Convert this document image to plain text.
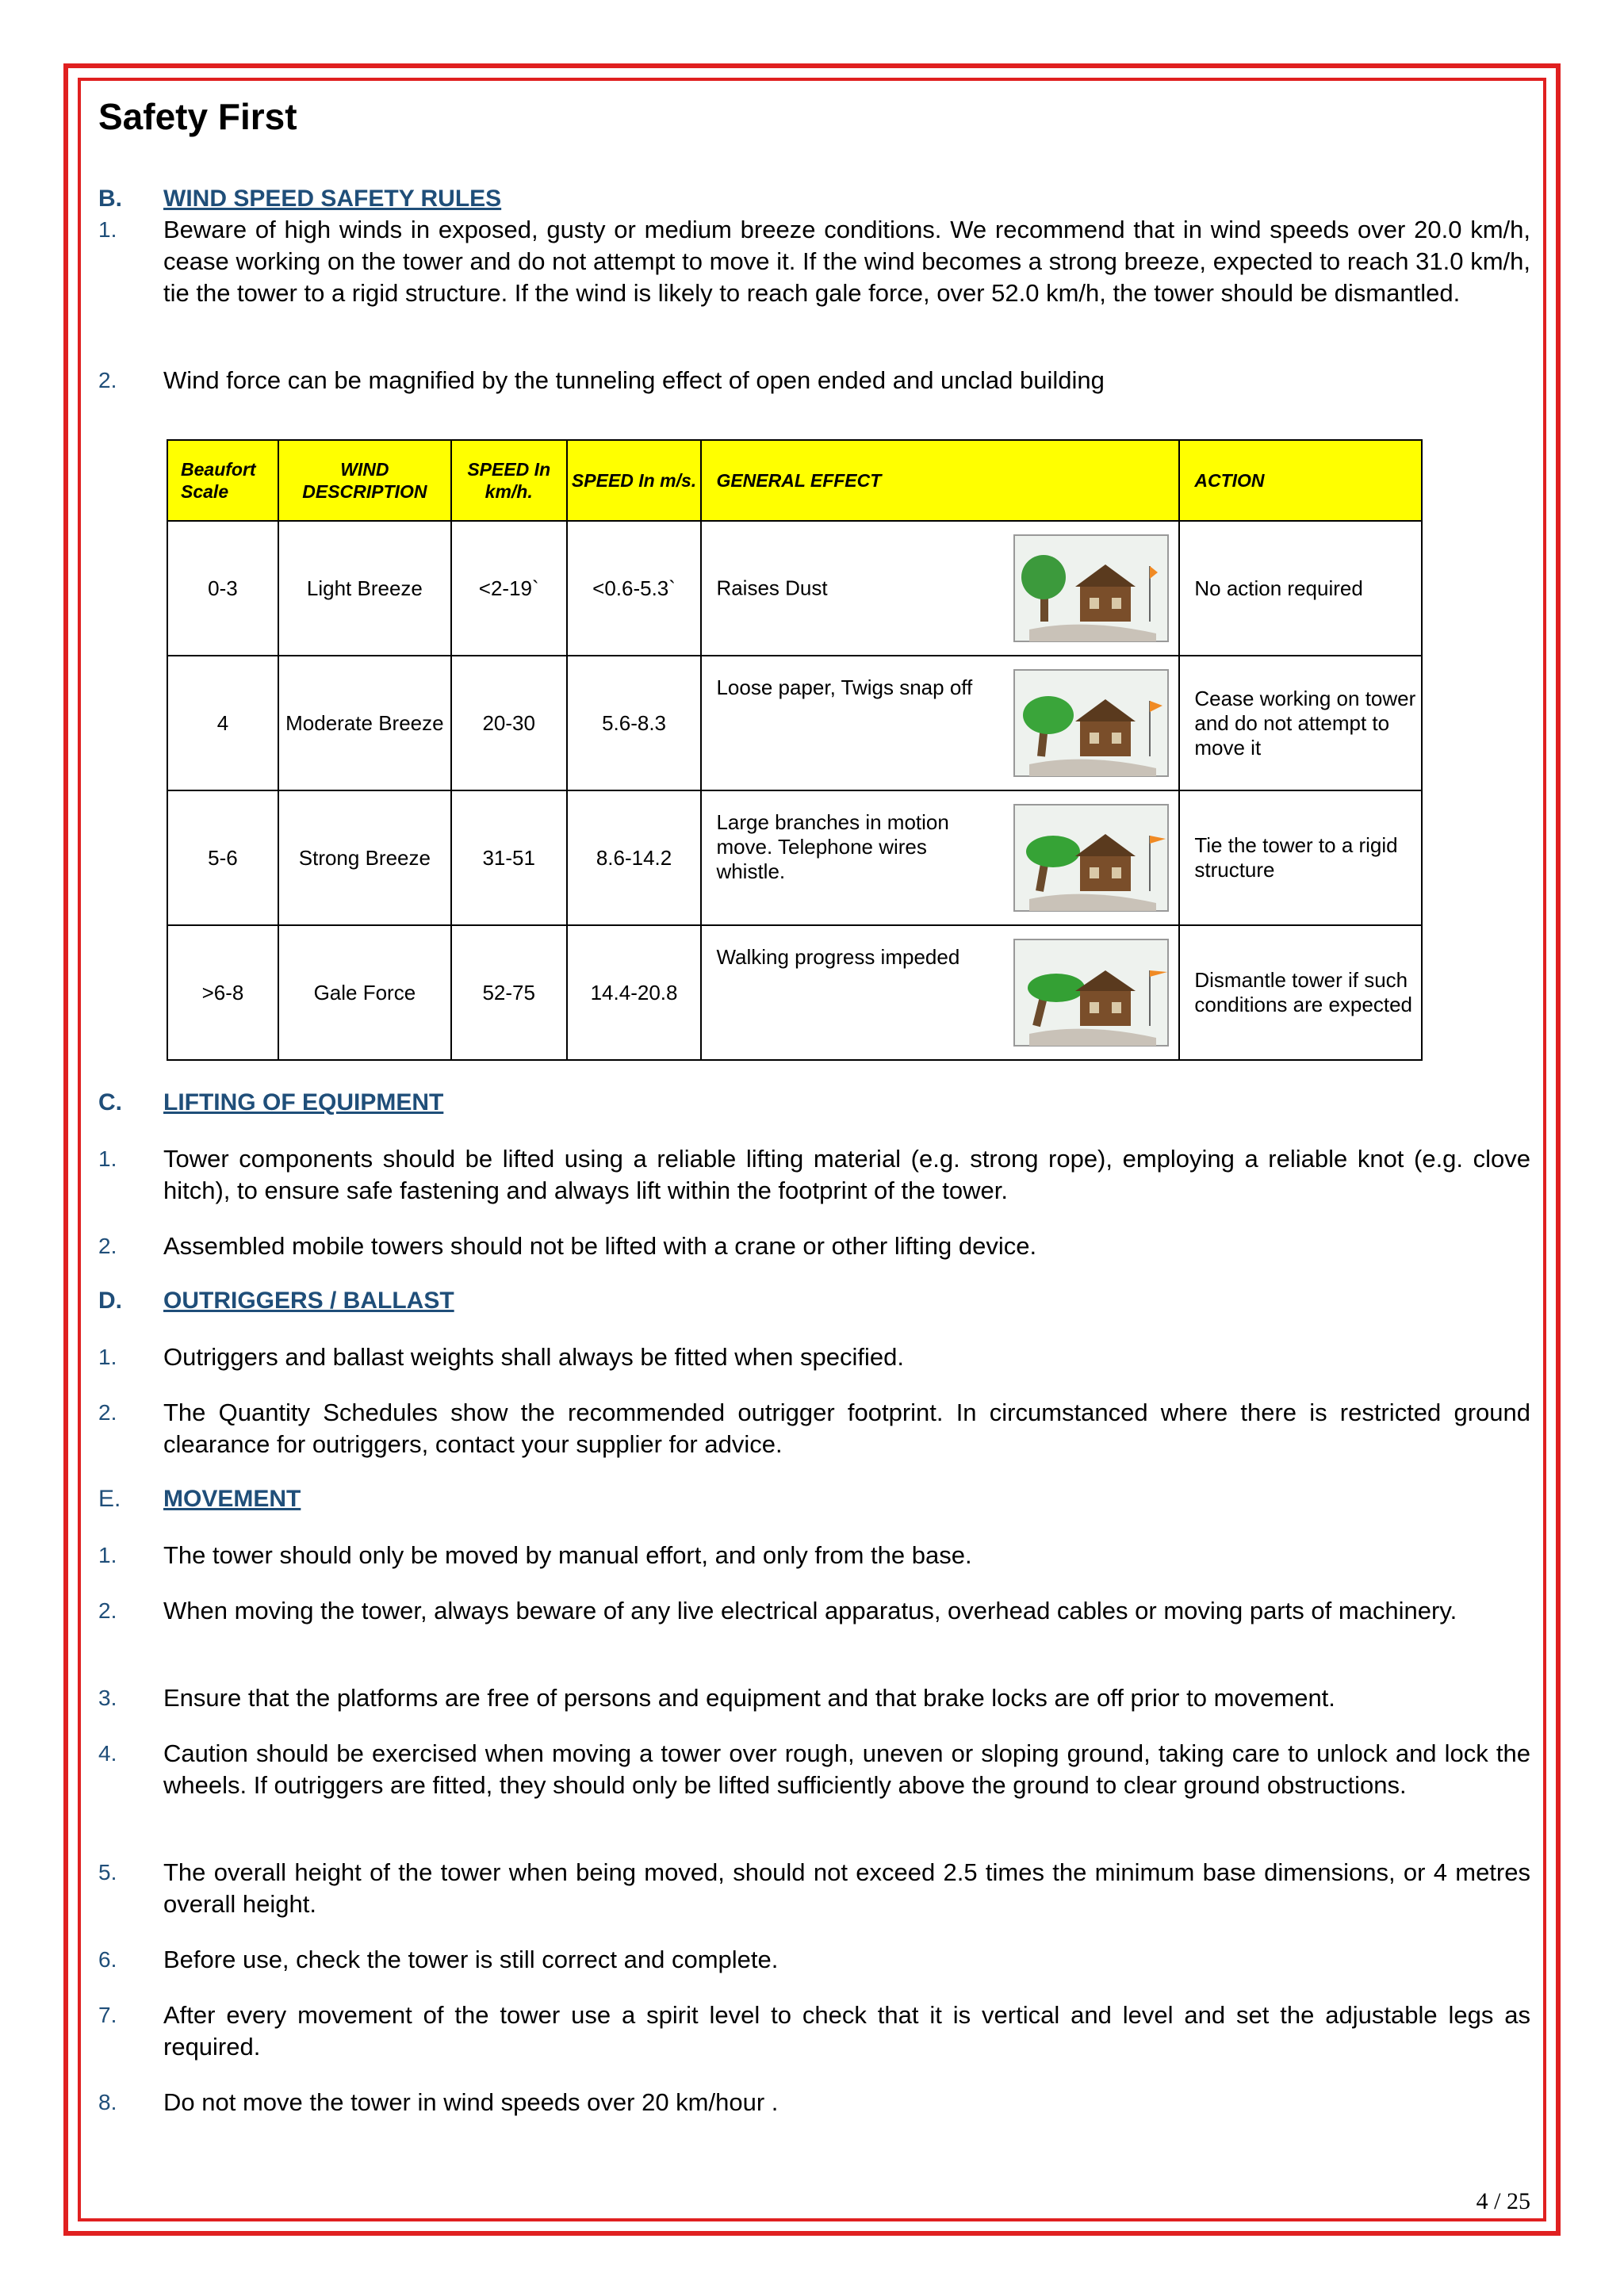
Safety First
B.	WIND SPEED SAFETY RULES
1. Beware of high winds in exposed, gusty or medium breeze conditions. We recommend that in wind speeds over 20.0 km/h, cease working on the tower and do not attempt to move it. If the wind becomes a strong breeze, expected to reach 31.0 km/h, tie the tower to a rigid structure. If the wind is likely to reach gale force, over 52.0 km/h, the tower should be dismantled.
2. Wind force can be magnified by the tunneling effect of open ended and unclad building
Beaufort Scale	WIND DESCRIPTION	SPEED In km/h.	SPEED In m/s.	GENERAL EFFECT	ACTION
0-3	Light Breeze	<2-19`	<0.6-5.3`	Raises Dust	No action required
4	Moderate Breeze	20-30	5.6-8.3	Loose paper, Twigs snap off	Cease working on tower and do not attempt to move it
5-6	Strong Breeze	31-51	8.6-14.2	Large branches in motion move. Telephone wires whistle.	Tie the tower to a rigid structure
>6-8	Gale Force	52-75	14.4-20.8	Walking progress impeded	Dismantle tower if such conditions are expected
C.	LIFTING OF EQUIPMENT
1. Tower components should be lifted using a reliable lifting material (e.g. strong rope), employing a reliable knot (e.g. clove hitch), to ensure safe fastening and always lift within the footprint of the tower.
2. Assembled mobile towers should not be lifted with a crane or other lifting device.
D.	OUTRIGGERS / BALLAST
1. Outriggers and ballast weights shall always be fitted when specified.
2. The Quantity Schedules show the recommended outrigger footprint. In circumstanced where there is restricted ground clearance for outriggers, contact your supplier for advice.
E.	MOVEMENT
1. The tower should only be moved by manual effort, and only from the base.
2. When moving the tower, always beware of any live electrical apparatus, overhead cables or moving parts of machinery.
3. Ensure that the platforms are free of persons and equipment and that brake locks are off prior to movement.
4. Caution should be exercised when moving a tower over rough, uneven or sloping ground, taking care to unlock and lock the wheels. If outriggers are fitted, they should only be lifted sufficiently above the ground to clear ground obstructions.
5. The overall height of the tower when being moved, should not exceed 2.5 times the minimum base dimensions, or 4 metres overall height.
6. Before use, check the tower is still correct and complete.
7. After every movement of the tower use a spirit level to check that it is vertical and level and set the adjustable legs as required.
8. Do not move the tower in wind speeds over 20 km/hour .
4 / 25
